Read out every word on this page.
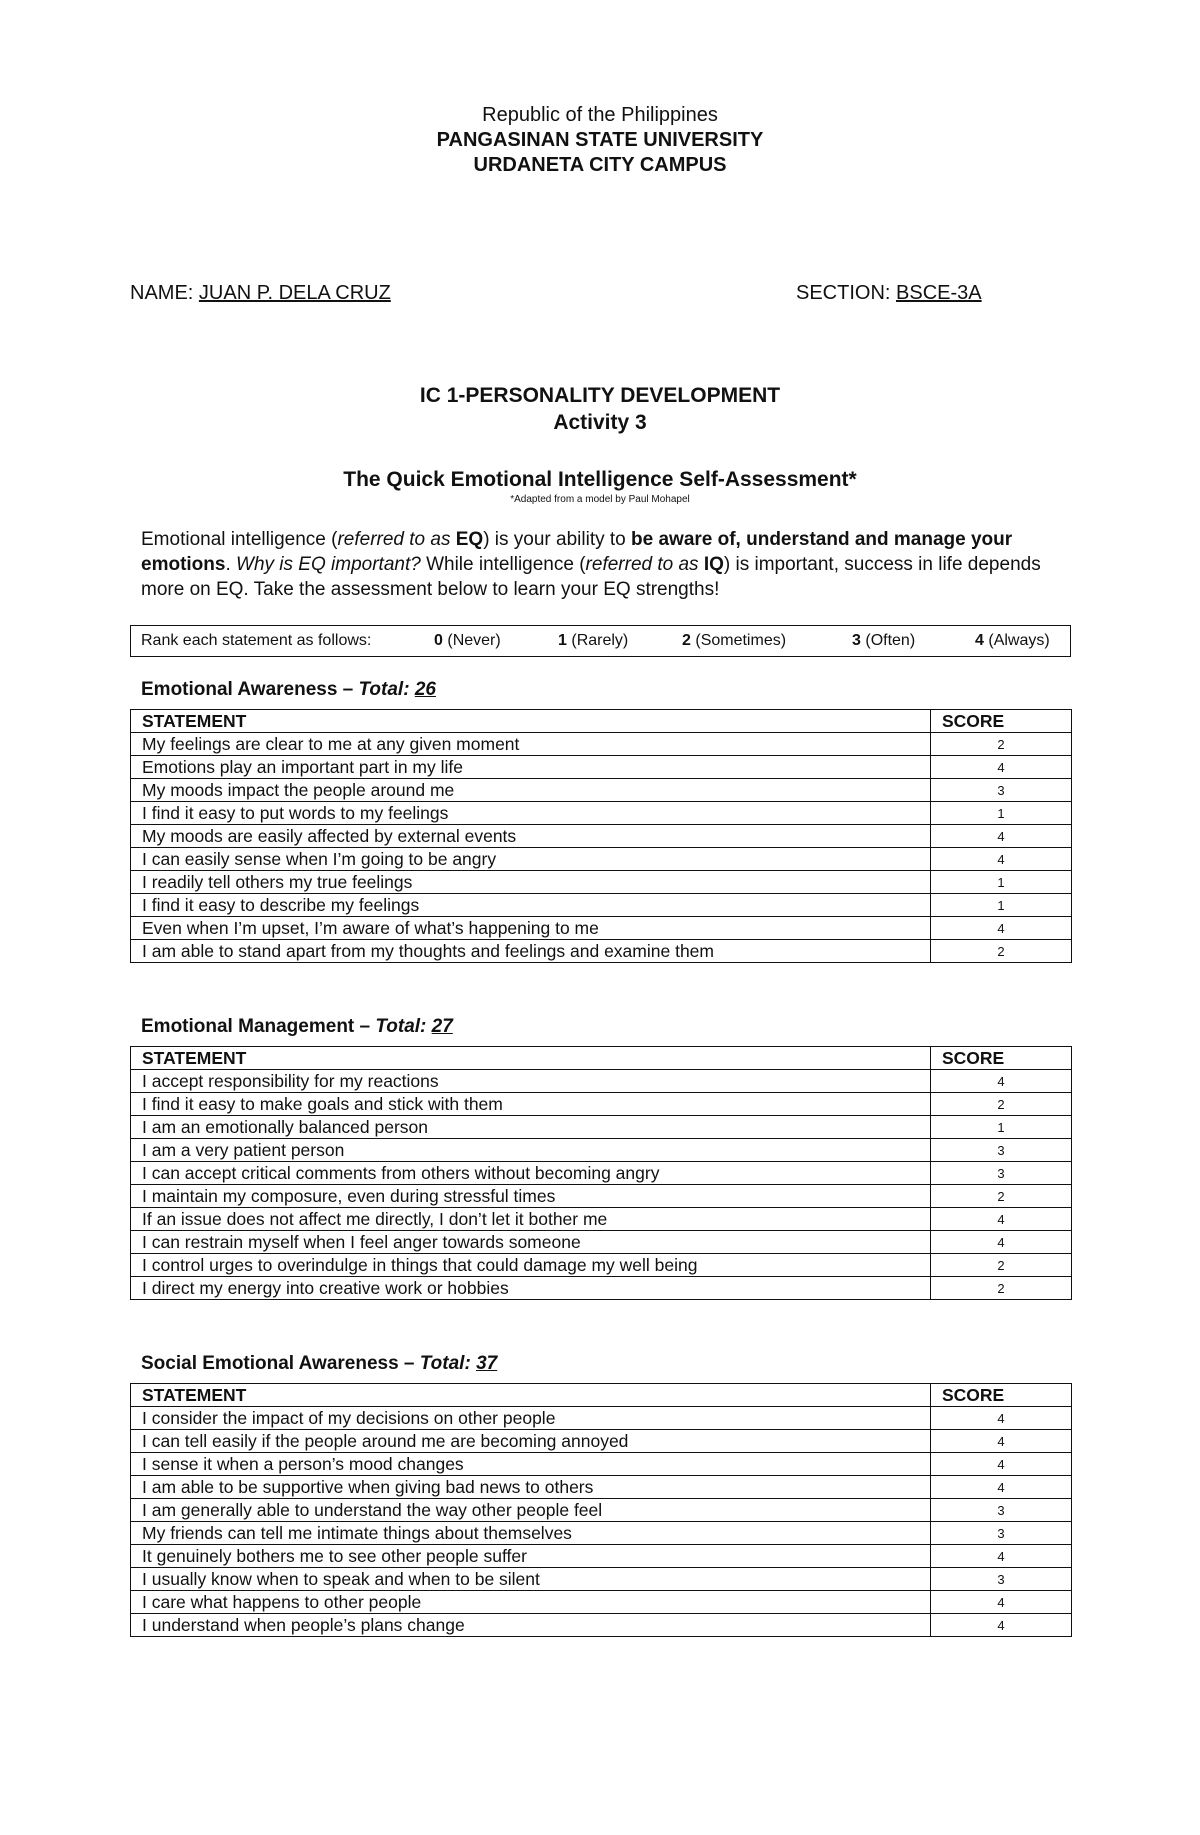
Republic of the Philippines
PANGASINAN STATE UNIVERSITY
URDANETA CITY CAMPUS
NAME: JUAN P. DELA CRUZ	SECTION: BSCE-3A
IC 1-PERSONALITY DEVELOPMENT
Activity 3
The Quick Emotional Intelligence Self-Assessment*
*Adapted from a model by Paul Mohapel
Emotional intelligence (referred to as EQ) is your ability to be aware of, understand and manage your emotions. Why is EQ important? While intelligence (referred to as IQ) is important, success in life depends more on EQ. Take the assessment below to learn your EQ strengths!
Rank each statement as follows:	0 (Never)	1 (Rarely)	2 (Sometimes)	3 (Often)	4 (Always)
Emotional Awareness – Total: 26
STATEMENT	SCORE
My feelings are clear to me at any given moment	2
Emotions play an important part in my life	4
My moods impact the people around me	3
I find it easy to put words to my feelings	1
My moods are easily affected by external events	4
I can easily sense when I’m going to be angry	4
I readily tell others my true feelings	1
I find it easy to describe my feelings	1
Even when I’m upset, I’m aware of what’s happening to me	4
I am able to stand apart from my thoughts and feelings and examine them	2
Emotional Management – Total: 27
STATEMENT	SCORE
I accept responsibility for my reactions	4
I find it easy to make goals and stick with them	2
I am an emotionally balanced person	1
I am a very patient person	3
I can accept critical comments from others without becoming angry	3
I maintain my composure, even during stressful times	2
If an issue does not affect me directly, I don’t let it bother me	4
I can restrain myself when I feel anger towards someone	4
I control urges to overindulge in things that could damage my well being	2
I direct my energy into creative work or hobbies	2
Social Emotional Awareness – Total: 37
STATEMENT	SCORE
I consider the impact of my decisions on other people	4
I can tell easily if the people around me are becoming annoyed	4
I sense it when a person’s mood changes	4
I am able to be supportive when giving bad news to others	4
I am generally able to understand the way other people feel	3
My friends can tell me intimate things about themselves	3
It genuinely bothers me to see other people suffer	4
I usually know when to speak and when to be silent	3
I care what happens to other people	4
I understand when people’s plans change	4
